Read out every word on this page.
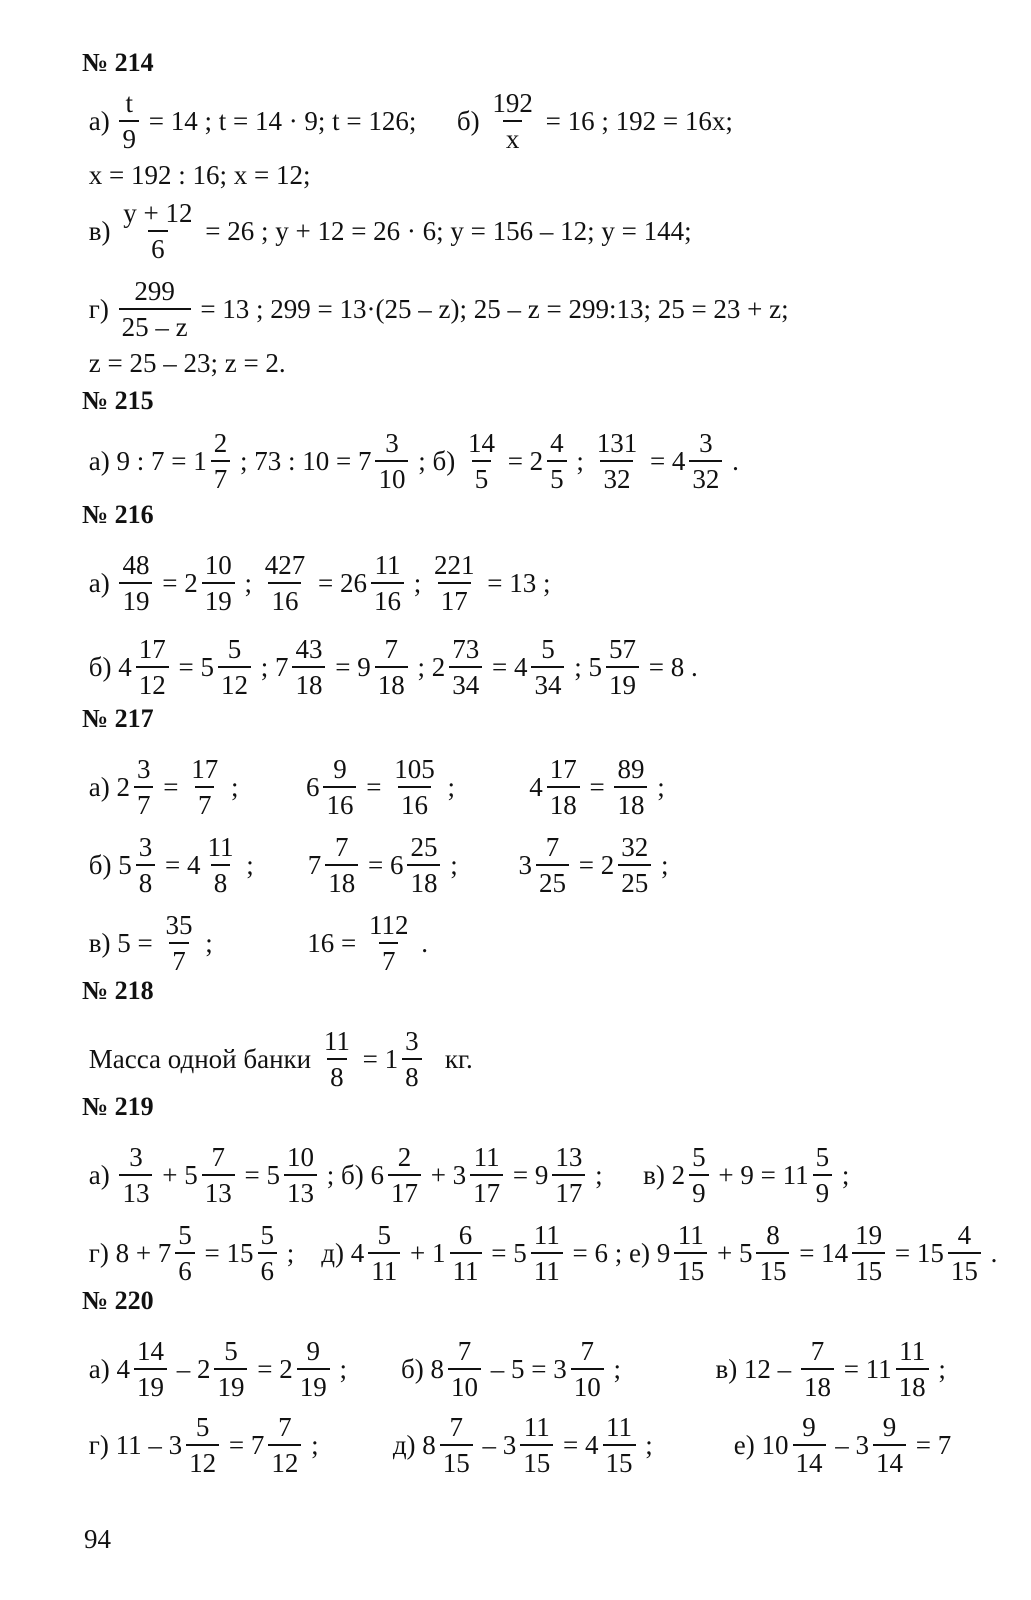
№ 214
№ 215
№ 216
№ 217
№ 218
№ 219
№ 220
$а) \frac{t}{9} = 14$ ; t = 14 · 9; t = 126;      $б) \frac{192}{x} = 16$ ; 192 = 16x;
x = 192 : 16; x = 12;
$в) \frac{y + 12}{6} = 26$ ; y + 12 = 26 · 6; y = 156 – 12; y = 144;
$г) \frac{299}{25 - z} = 13$ ; 299 = 13·(25 – z); 25 – z = 299:13; 25 = 23 + z;
z = 25 – 23; z = 2.
а) 9 : $7 = 1 \frac{2}{7}$ ; 73 : $10 = 7 \frac{3}{10}$ ; $б) \frac{14}{5} = 2 \frac{4}{5}$ ; $\frac{131}{32} = 4 \frac{3}{32}$ .
$а) \frac{48}{19} = 2 \frac{10}{19}$ ; $\frac{427}{16} = 26 \frac{11}{16}$ ; $\frac{221}{17} = 13$ ;
б) $4 \frac{17}{12} = 5 \frac{5}{12}$ ; $7 \frac{43}{18} = 9 \frac{7}{18}$ ; $2 \frac{73}{34} = 4 \frac{5}{34}$ ; $5 \frac{57}{19} = 8$ .
а) $2 \frac{3}{7} = \frac{17}{7}$ ; $6 \frac{9}{16} = \frac{105}{16}$ ; $4 \frac{17}{18} = \frac{89}{18}$ ;
б) $5 \frac{3}{8} = 4 \frac{11}{8}$ ; $7 \frac{7}{18} = 6 \frac{25}{18}$ ; $3 \frac{7}{25} = 2 \frac{32}{25}$ ;
в) $5 = \frac{35}{7}$ ;              $16 = \frac{112}{7}$ .
Масса одной банки $\frac{11}{8} = 1 \frac{3}{8}$ кг.
$а) \frac{3}{13} + 5 \frac{7}{13} = 5 \frac{10}{13}$ ; б) $6 \frac{2}{17} + 3 \frac{11}{17} = 9 \frac{13}{17}$ ;      в) $2 \frac{5}{9} + 9 = 11 \frac{5}{9}$ ;
г) $8 + 7 \frac{5}{6} = 15 \frac{5}{6}$ ;    д) $4 \frac{5}{11} + 1 \frac{6}{11} = 5 \frac{11}{11} = 6$ ; е) $9 \frac{11}{15} + 5 \frac{8}{15} = 14 \frac{19}{15} = 15 \frac{4}{15}$ .
а) $4 \frac{14}{19} - 2 \frac{5}{19} = 2 \frac{9}{19}$ ;        б) $8 \frac{7}{10} - 5 = 3 \frac{7}{10}$ ;              в) $12 - \frac{7}{18} = 11 \frac{11}{18}$ ;
г) $11 - 3 \frac{5}{12} = 7 \frac{7}{12}$ ;           д) $8 \frac{7}{15} - 3 \frac{11}{15} = 4 \frac{11}{15}$ ;            е) $10 \frac{9}{14} - 3 \frac{9}{14} = 7$
94
